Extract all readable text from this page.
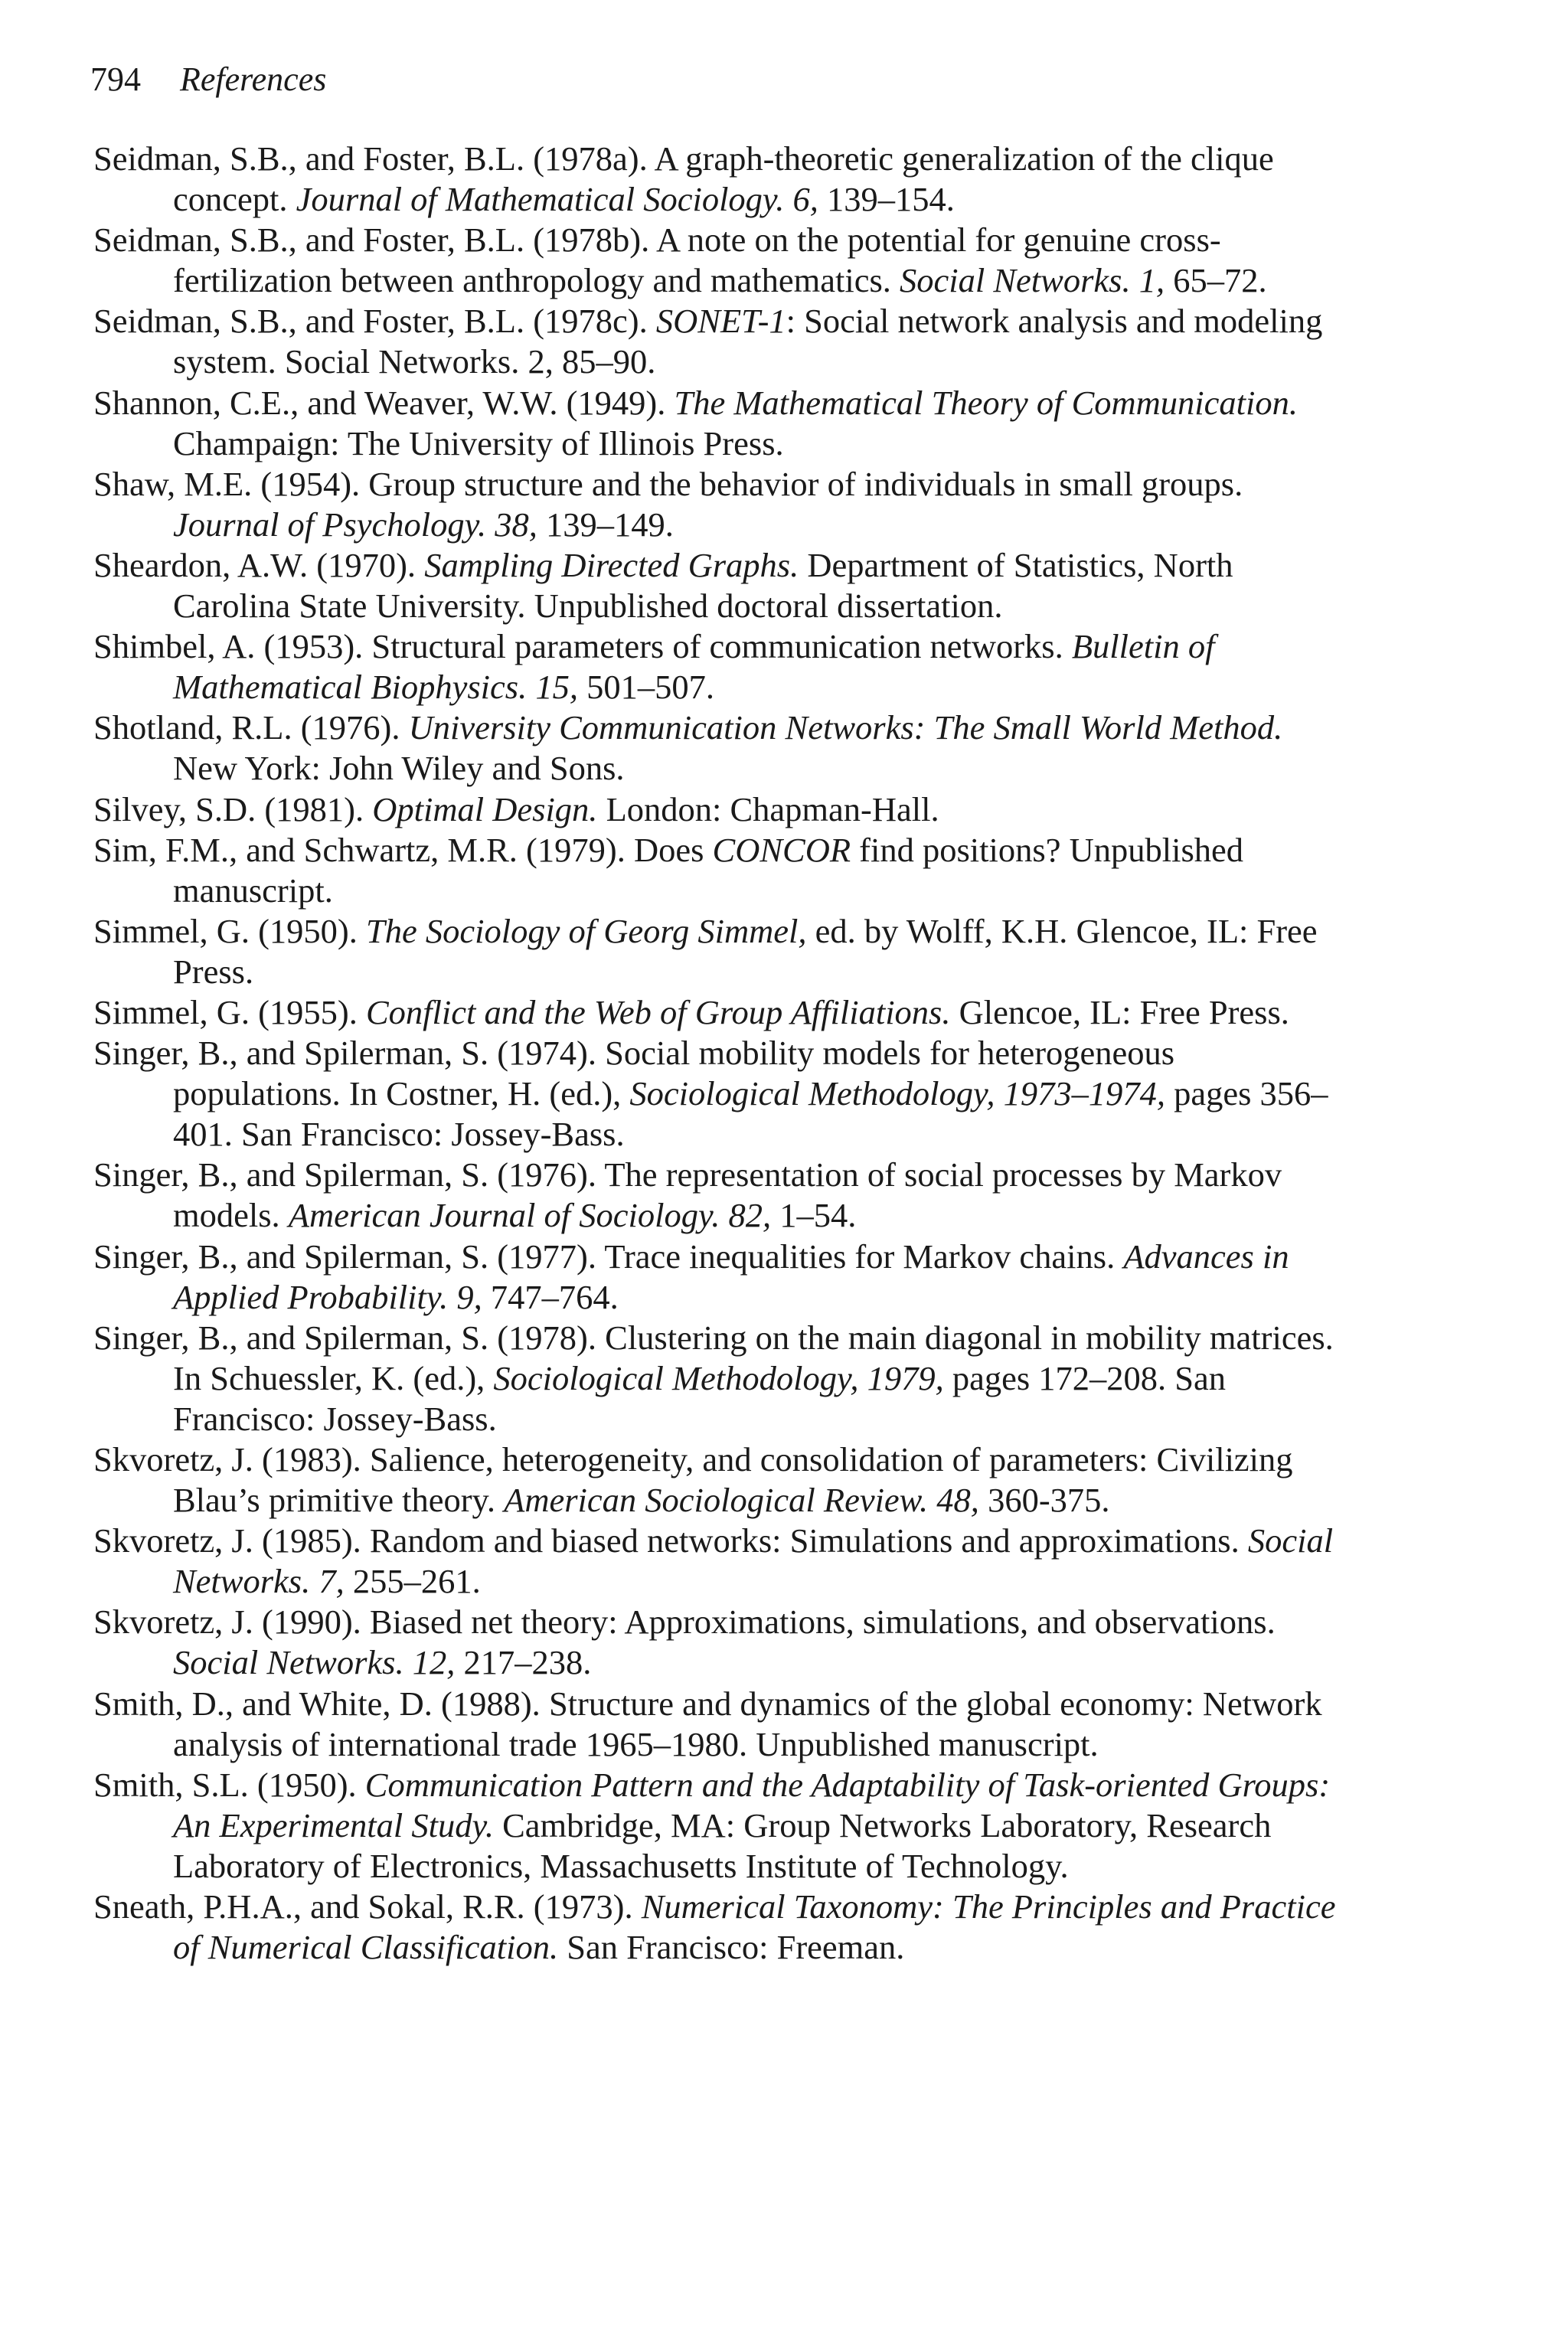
794 References

Seidman, S.B., and Foster, B.L. (1978a). A graph-theoretic generalization of the clique concept. Journal of Mathematical Sociology. 6, 139–154.

Seidman, S.B., and Foster, B.L. (1978b). A note on the potential for genuine cross-fertilization between anthropology and mathematics. Social Networks. 1, 65–72.

Seidman, S.B., and Foster, B.L. (1978c). SONET-1: Social network analysis and modeling system. Social Networks. 2, 85–90.

Shannon, C.E., and Weaver, W.W. (1949). The Mathematical Theory of Communication. Champaign: The University of Illinois Press.

Shaw, M.E. (1954). Group structure and the behavior of individuals in small groups. Journal of Psychology. 38, 139–149.

Sheardon, A.W. (1970). Sampling Directed Graphs. Department of Statistics, North Carolina State University. Unpublished doctoral dissertation.

Shimbel, A. (1953). Structural parameters of communication networks. Bulletin of Mathematical Biophysics. 15, 501–507.

Shotland, R.L. (1976). University Communication Networks: The Small World Method. New York: John Wiley and Sons.

Silvey, S.D. (1981). Optimal Design. London: Chapman-Hall.

Sim, F.M., and Schwartz, M.R. (1979). Does CONCOR find positions? Unpublished manuscript.

Simmel, G. (1950). The Sociology of Georg Simmel, ed. by Wolff, K.H. Glencoe, IL: Free Press.

Simmel, G. (1955). Conflict and the Web of Group Affiliations. Glencoe, IL: Free Press.

Singer, B., and Spilerman, S. (1974). Social mobility models for heterogeneous populations. In Costner, H. (ed.), Sociological Methodology, 1973–1974, pages 356–401. San Francisco: Jossey-Bass.

Singer, B., and Spilerman, S. (1976). The representation of social processes by Markov models. American Journal of Sociology. 82, 1–54.

Singer, B., and Spilerman, S. (1977). Trace inequalities for Markov chains. Advances in Applied Probability. 9, 747–764.

Singer, B., and Spilerman, S. (1978). Clustering on the main diagonal in mobility matrices. In Schuessler, K. (ed.), Sociological Methodology, 1979, pages 172–208. San Francisco: Jossey-Bass.

Skvoretz, J. (1983). Salience, heterogeneity, and consolidation of parameters: Civilizing Blau’s primitive theory. American Sociological Review. 48, 360-375.

Skvoretz, J. (1985). Random and biased networks: Simulations and approximations. Social Networks. 7, 255–261.

Skvoretz, J. (1990). Biased net theory: Approximations, simulations, and observations. Social Networks. 12, 217–238.

Smith, D., and White, D. (1988). Structure and dynamics of the global economy: Network analysis of international trade 1965–1980. Unpublished manuscript.

Smith, S.L. (1950). Communication Pattern and the Adaptability of Task-oriented Groups: An Experimental Study. Cambridge, MA: Group Networks Laboratory, Research Laboratory of Electronics, Massachusetts Institute of Technology.

Sneath, P.H.A., and Sokal, R.R. (1973). Numerical Taxonomy: The Principles and Practice of Numerical Classification. San Francisco: Freeman.
